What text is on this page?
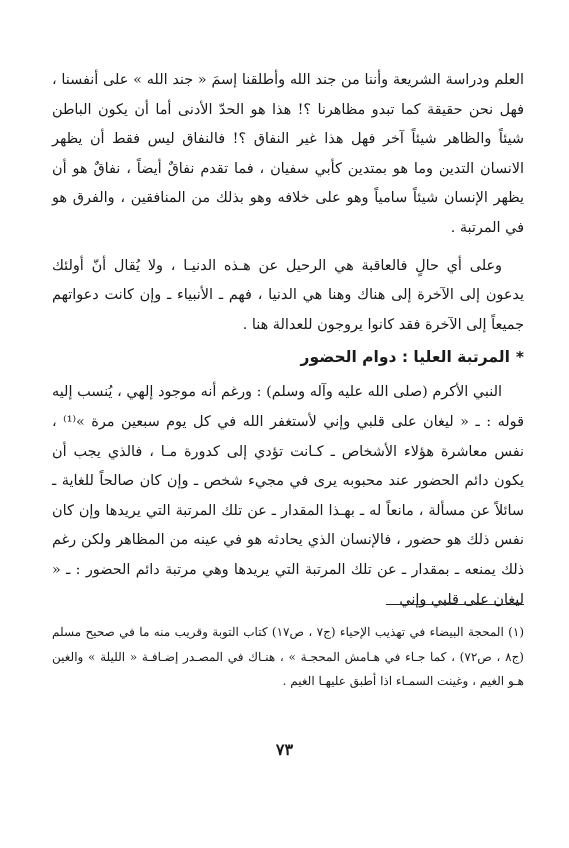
العلم ودراسة الشريعة وأننا من جند الله وأطلقنا إسمَ « جند الله » على أنفسنا ، فهل نحن حقيقة كما تبدو مظاهرنا ؟! هذا هو الحدّ الأدنى أما أن يكون الباطن شيئاً والظاهر شيئاً آخر فهل هذا غير النفاق ؟! فالنفاق ليس فقط أن يظهر الانسان التدين وما هو بمتدين كأبي سفيان ، فما تقدم نفاقٌ أيضاً ، نفاقٌ هو أن يظهر الإنسان شيئاً سامياً وهو على خلافه وهو بذلك من المنافقين ، والفرق هو في المرتبة .

وعلى أي حالٍ فالعاقبة هي الرحيل عن هـذه الدنيـا ، ولا يُقال أنّ أولئك يدعون إلى الآخرة إلى هناك وهنا هي الدنيا ، فهم ـ الأنبياء ـ وإن كانت دعواتهم جميعاً إلى الآخرة فقد كانوا يروجون للعدالة هنا .

*المرتبة العليا : دوام الحضور

النبي الأكرم (صلى الله عليه وآله وسلم) : ورغم أنه موجود إلهي ، يُنسب إليه قوله : ـ « ليغان على قلبي وإني لأستغفر الله في كل يوم سبعين مرة »⁽¹⁾ ، نفس معاشرة هؤلاء الأشخاص ـ كـانت تؤدي إلى كدورة مـا ، فالذي يجب أن يكون دائم الحضور عند محبوبه يرى في مجيء شخص ـ وإن كان صالحاً للغاية ـ سائلاً عن مسألة ، مانعاً له ـ بهـذا المقدار ـ عن تلك المرتبة التي يريدها وإن كان نفس ذلك هو حضور ، فالإنسان الذي يحادثه هو في عينه من المظاهر ولكن رغم ذلك يمنعه ـ بمقدار ـ عن تلك المرتبة التي يريدها وهي مرتبة دائم الحضور : ـ « ليغان على قلبي وإني

(١) المحجة البيضاء في تهذيب الإحياء (ج٧ ، ص١٧) كتاب التوبة وقريب منه ما في صحيح مسلم (ج٨ ، ص٧٢) ، كما جـاء في هـامش المحجـة » ، هنـاك في المصـدر إضـافـة « الليلة » والغين هـو الغيم ، وغينت السمـاء اذا أطبق عليهـا الغيم .

٧٣
